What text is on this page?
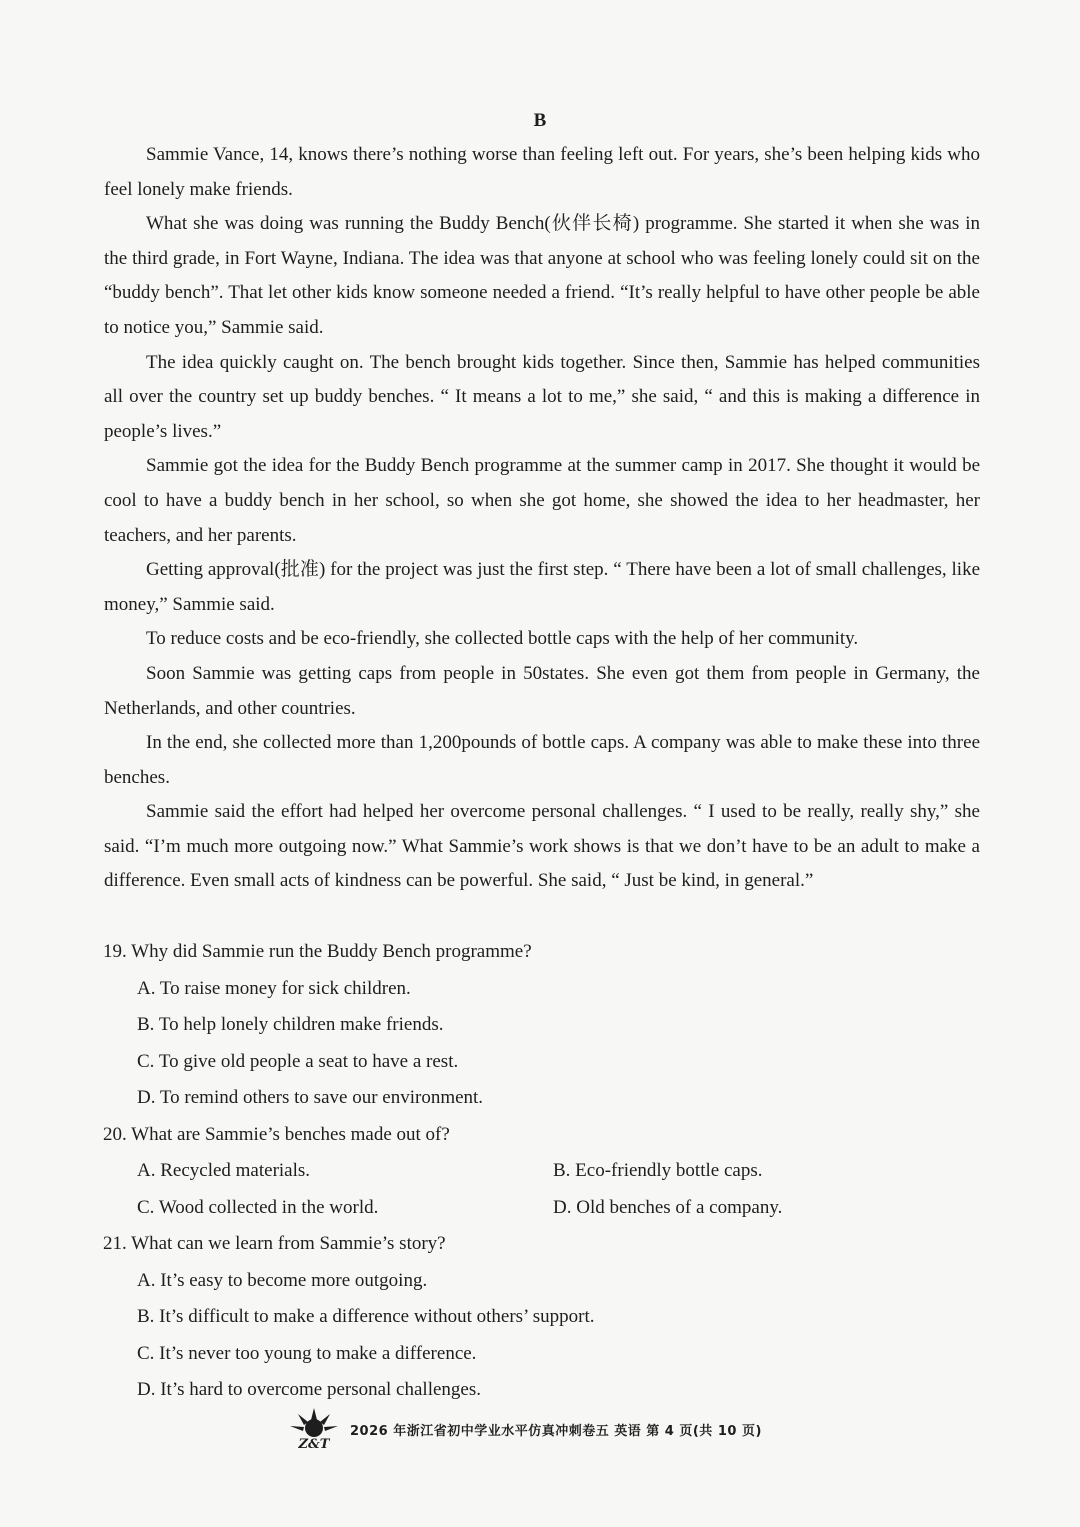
B

Sammie Vance, 14, knows there’s nothing worse than feeling left out. For years, she’s been helping kids who feel lonely make friends.

What she was doing was running the Buddy Bench(伙伴长椅) programme. She started it when she was in the third grade, in Fort Wayne, Indiana. The idea was that anyone at school who was feeling lonely could sit on the “buddy bench”. That let other kids know someone needed a friend. “It’s really helpful to have other people be able to notice you,” Sammie said.

The idea quickly caught on. The bench brought kids together. Since then, Sammie has helped communities all over the country set up buddy benches. “ It means a lot to me,” she said, “ and this is making a difference in people’s lives.”

Sammie got the idea for the Buddy Bench programme at the summer camp in 2017. She thought it would be cool to have a buddy bench in her school, so when she got home, she showed the idea to her headmaster, her teachers, and her parents.

Getting approval(批准) for the project was just the first step. “ There have been a lot of small challenges, like money,” Sammie said.

To reduce costs and be eco-friendly, she collected bottle caps with the help of her community.

Soon Sammie was getting caps from people in 50states. She even got them from people in Germany, the Netherlands, and other countries.

In the end, she collected more than 1,200pounds of bottle caps. A company was able to make these into three benches.

Sammie said the effort had helped her overcome personal challenges. “ I used to be really, really shy,” she said. “I’m much more outgoing now.” What Sammie’s work shows is that we don’t have to be an adult to make a difference. Even small acts of kindness can be powerful. She said, “ Just be kind, in general.”

19. Why did Sammie run the Buddy Bench programme?
A. To raise money for sick children.
B. To help lonely children make friends.
C. To give old people a seat to have a rest.
D. To remind others to save our environment.
20. What are Sammie’s benches made out of?
A. Recycled materials.	B. Eco-friendly bottle caps.
C. Wood collected in the world.	D. Old benches of a company.
21. What can we learn from Sammie’s story?
A. It’s easy to become more outgoing.
B. It’s difficult to make a difference without others’ support.
C. It’s never too young to make a difference.
D. It’s hard to overcome personal challenges.
Z&T
2026 年浙江省初中学业水平仿真冲刺卷五 英语 第 4 页(共 10 页)
